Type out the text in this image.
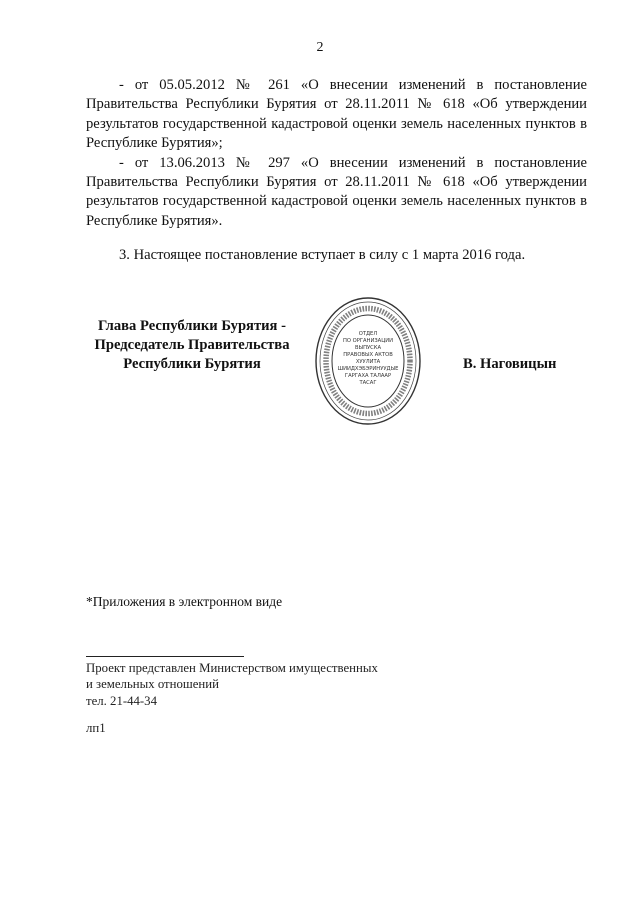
2

- от 05.05.2012 № 261 «О внесении изменений в постановление Правительства Республики Бурятия от 28.11.2011 № 618 «Об утверждении результатов государственной кадастровой оценки земель населенных пунктов в Республике Бурятия»;

- от 13.06.2013 № 297 «О внесении изменений в постановление Правительства Республики Бурятия от 28.11.2011 № 618 «Об утверждении результатов государственной кадастровой оценки земель населенных пунктов в Республике Бурятия».

3. Настоящее постановление вступает в силу с 1 марта 2016 года.

Глава Республики Бурятия -
Председатель Правительства
Республики Бурятия
ОТДЕЛ
ПО ОРГАНИЗАЦИИ
ВЫПУСКА
ПРАВОВЫХ АКТОВ
ХУУЛИТА
ШИИДХЭБЭРИНУУДЫЕ
ГАРГАХА ТАЛААР
ТАСАГ
В. Наговицын
*Приложения в электронном виде
Проект представлен Министерством имущественных
и земельных отношений
тел. 21-44-34
лп1
